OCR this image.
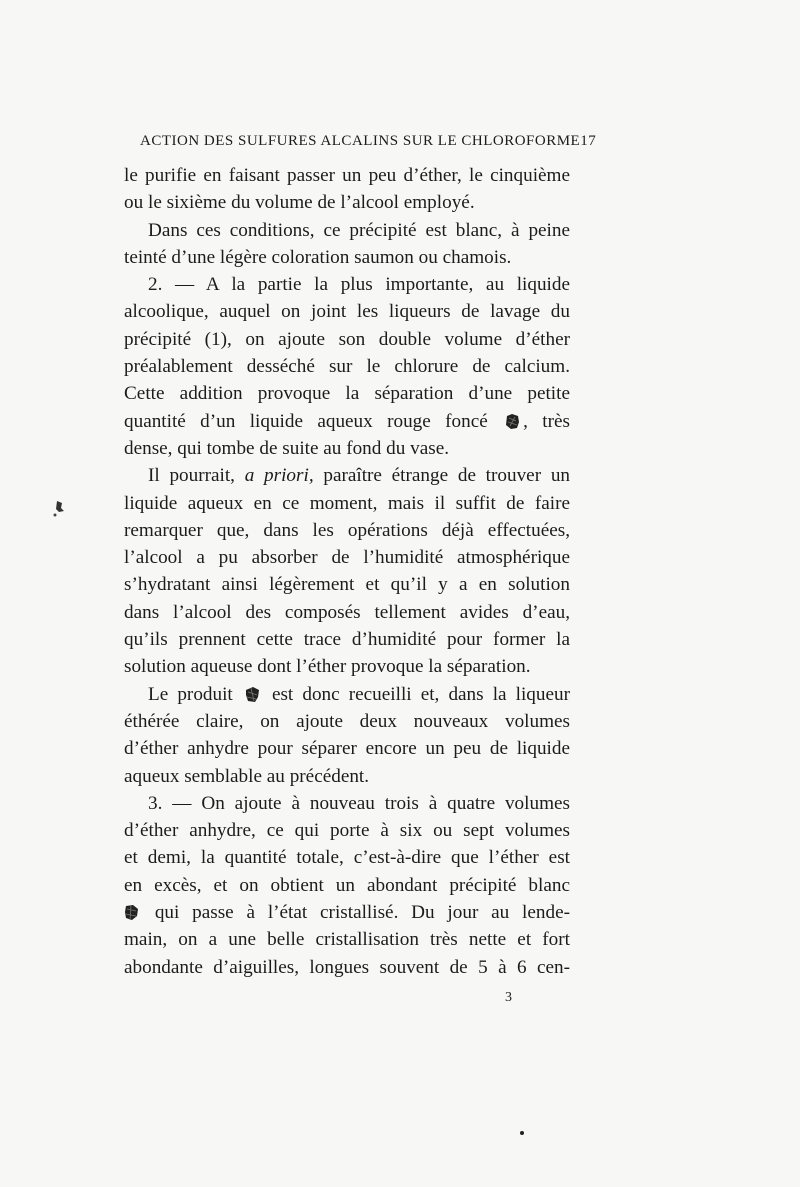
ACTION DES SULFURES ALCALINS SUR LE CHLOROFORME 17
le purifie en faisant passer un peu d’éther, le cinquième
ou le sixième du volume de l’alcool employé.
Dans ces conditions, ce précipité est blanc, à peine
teinté d’une légère coloration saumon ou chamois.
2. — A la partie la plus importante, au liquide
alcoolique, auquel on joint les liqueurs de lavage du
précipité (1), on ajoute son double volume d’éther
préalablement desséché sur le chlorure de calcium.
Cette addition provoque la séparation d’une petite
quantité d’un liquide aqueux rouge foncé , très
dense, qui tombe de suite au fond du vase.
Il pourrait, a priori, paraître étrange de trouver un
liquide aqueux en ce moment, mais il suffit de faire
remarquer que, dans les opérations déjà effectuées,
l’alcool a pu absorber de l’humidité atmosphérique
s’hydratant ainsi légèrement et qu’il y a en solution
dans l’alcool des composés tellement avides d’eau,
qu’ils prennent cette trace d’humidité pour former la
solution aqueuse dont l’éther provoque la séparation.
Le produit est donc recueilli et, dans la liqueur
éthérée claire, on ajoute deux nouveaux volumes
d’éther anhydre pour séparer encore un peu de liquide
aqueux semblable au précédent.
3. — On ajoute à nouveau trois à quatre volumes
d’éther anhydre, ce qui porte à six ou sept volumes
et demi, la quantité totale, c’est-à-dire que l’éther est
en excès, et on obtient un abondant précipité blanc
qui passe à l’état cristallisé. Du jour au lende-
main, on a une belle cristallisation très nette et fort
abondante d’aiguilles, longues souvent de 5 à 6 cen-
3
